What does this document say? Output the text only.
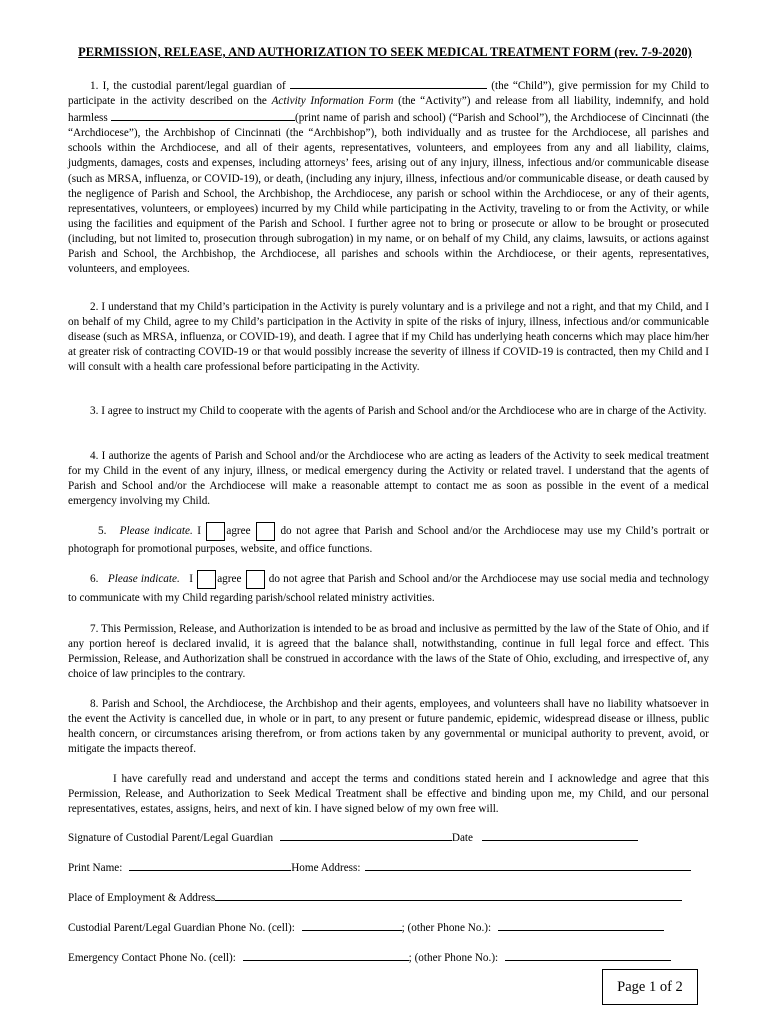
PERMISSION, RELEASE, AND AUTHORIZATION TO SEEK MEDICAL TREATMENT FORM (rev. 7-9-2020)
1. I, the custodial parent/legal guardian of	(the “Child”), give permission for my Child to participate in the activity described on the Activity Information Form (the “Activity”) and release from all liability, indemnify, and hold harmless	(print name of parish and school) (“Parish and School”), the Archdiocese of Cincinnati (the “Archdiocese”), the Archbishop of Cincinnati (the “Archbishop”), both individually and as trustee for the Archdiocese, all parishes and schools within the Archdiocese, and all of their agents, representatives, volunteers, and employees from any and all liability, claims, judgments, damages, costs and expenses, including attorneys’ fees, arising out of any injury, illness, infectious and/or communicable disease (such as MRSA, influenza, or COVID-19), or death, (including any injury, illness, infectious and/or communicable disease, or death caused by the negligence of Parish and School, the Archbishop, the Archdiocese, any parish or school within the Archdiocese, or any of their agents, representatives, volunteers, or employees) incurred by my Child while participating in the Activity, traveling to or from the Activity, or while using the facilities and equipment of the Parish and School. I further agree not to bring or prosecute or allow to be brought or prosecuted (including, but not limited to, prosecution through subrogation) in my name, or on behalf of my Child, any claims, lawsuits, or actions against Parish and School, the Archbishop, the Archdiocese, all parishes and schools within the Archdiocese, or their agents, representatives, volunteers, and employees.
2. I understand that my Child’s participation in the Activity is purely voluntary and is a privilege and not a right, and that my Child, and I on behalf of my Child, agree to my Child’s participation in the Activity in spite of the risks of injury, illness, infectious and/or communicable disease (such as MRSA, influenza, or COVID-19), and death. I agree that if my Child has underlying heath concerns which may place him/her at greater risk of contracting COVID-19 or that would possibly increase the severity of illness if COVID-19 is contracted, then my Child and I will consult with a health care professional before participating in the Activity.
3. I agree to instruct my Child to cooperate with the agents of Parish and School and/or the Archdiocese who are in charge of the Activity.
4. I authorize the agents of Parish and School and/or the Archdiocese who are acting as leaders of the Activity to seek medical treatment for my Child in the event of any injury, illness, or medical emergency during the Activity or related travel. I understand that the agents of Parish and School and/or the Archdiocese will make a reasonable attempt to contact me as soon as possible in the event of a medical emergency involving my Child.
5. Please indicate. I agree	do not agree that Parish and School and/or the Archdiocese may use my Child’s portrait or photograph for promotional purposes, website, and office functions.
6. Please indicate. I agree do not agree that Parish and School and/or the Archdiocese may use social media and technology to communicate with my Child regarding parish/school related ministry activities.
7. This Permission, Release, and Authorization is intended to be as broad and inclusive as permitted by the law of the State of Ohio, and if any portion hereof is declared invalid, it is agreed that the balance shall, notwithstanding, continue in full legal force and effect. This Permission, Release, and Authorization shall be construed in accordance with the laws of the State of Ohio, excluding, and irrespective of, any choice of law principles to the contrary.
8. Parish and School, the Archdiocese, the Archbishop and their agents, employees, and volunteers shall have no liability whatsoever in the event the Activity is cancelled due, in whole or in part, to any present or future pandemic, epidemic, widespread disease or illness, public health concern, or circumstances arising therefrom, or from actions taken by any governmental or municipal authority to prevent, avoid, or mitigate the impacts thereof.
I have carefully read and understand and accept the terms and conditions stated herein and I acknowledge and agree that this Permission, Release, and Authorization to Seek Medical Treatment shall be effective and binding upon me, my Child, and our personal representatives, estates, assigns, heirs, and next of kin. I have signed below of my own free will.
Signature of Custodial Parent/Legal Guardian	Date
Print Name:	Home Address:
Place of Employment & Address
Custodial Parent/Legal Guardian Phone No. (cell):	; (other Phone No.):
Emergency Contact Phone No. (cell):	; (other Phone No.):
Page 1 of 2
